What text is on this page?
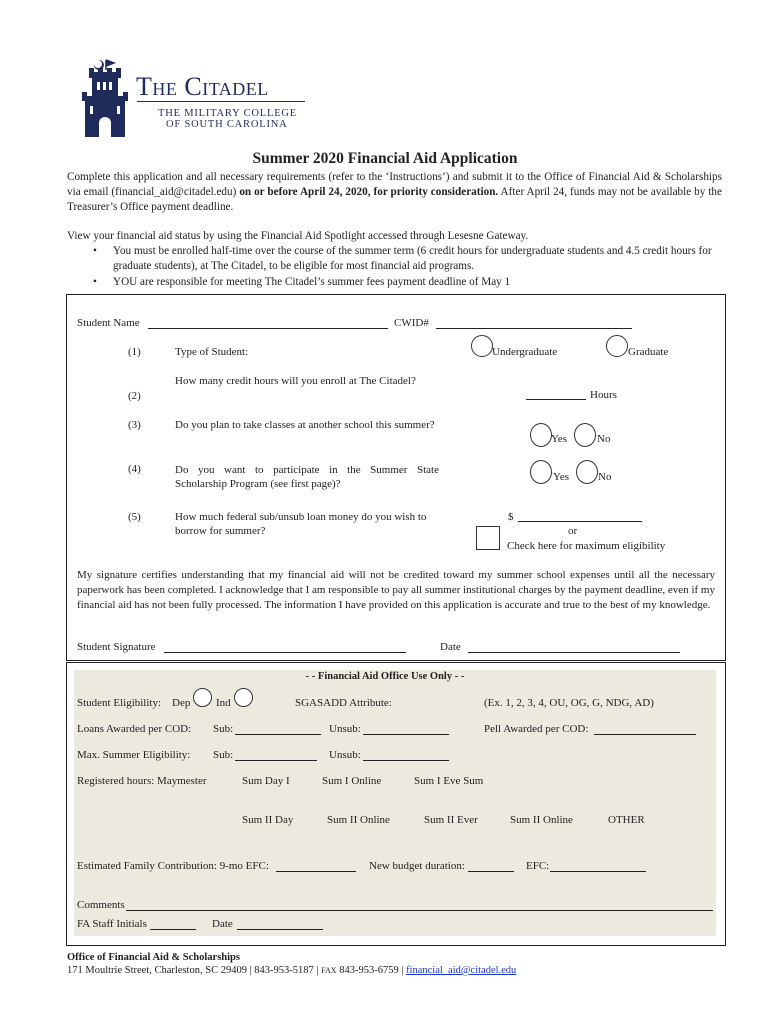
The Citadel
THE MILITARY COLLEGE
OF SOUTH CAROLINA
Summer 2020 Financial Aid Application
Complete this application and all necessary requirements (refer to the ‘Instructions’) and submit it to the Office of Financial Aid & Scholarships via email (financial_aid@citadel.edu) on or before April 24, 2020, for priority consideration. After April 24, funds may not be available by the Treasurer’s Office payment deadline.
View your financial aid status by using the Financial Aid Spotlight accessed through Lesesne Gateway.
• You must be enrolled half-time over the course of the summer term (6 credit hours for undergraduate students and 4.5 credit hours for graduate students), at The Citadel, to be eligible for most financial aid programs.
• YOU are responsible for meeting The Citadel’s summer fees payment deadline of May 1
Student Name	CWID#
(1)	Type of Student:	Undergraduate	Graduate
How many credit hours will you enroll at The Citadel?
(2)	Hours
(3)	Do you plan to take classes at another school this summer?
Yes	No
(4)	Do you want to participate in the Summer State Scholarship Program (see first page)?
Yes	No
(5)	How much federal sub/unsub loan money do you wish to borrow for summer?
$
or
Check here for maximum eligibility
My signature certifies understanding that my financial aid will not be credited toward my summer school expenses until all the necessary paperwork has been completed. I acknowledge that I am responsible to pay all summer institutional charges by the payment deadline, even if my financial aid has not been fully processed. The information I have provided on this application is accurate and true to the best of my knowledge.
Student Signature	Date
- - Financial Aid Office Use Only - -
Student Eligibility: Dep Ind	SGASADD Attribute:	(Ex. 1, 2, 3, 4, OU, OG, G, NDG, AD)
Loans Awarded per COD: Sub:	Unsub:	Pell Awarded per COD:
Max. Summer Eligibility: Sub:	Unsub:
Registered hours: Maymester	Sum Day I	Sum I Online	Sum I Eve Sum
Sum II Day	Sum II Online	Sum II Ever	Sum II Online	OTHER
Estimated Family Contribution: 9-mo EFC:	New budget duration:	EFC:
Comments
FA Staff Initials	Date
Office of Financial Aid & Scholarships
171 Moultrie Street, Charleston, SC 29409 | 843-953-5187 | FAX 843-953-6759 | financial_aid@citadel.edu
